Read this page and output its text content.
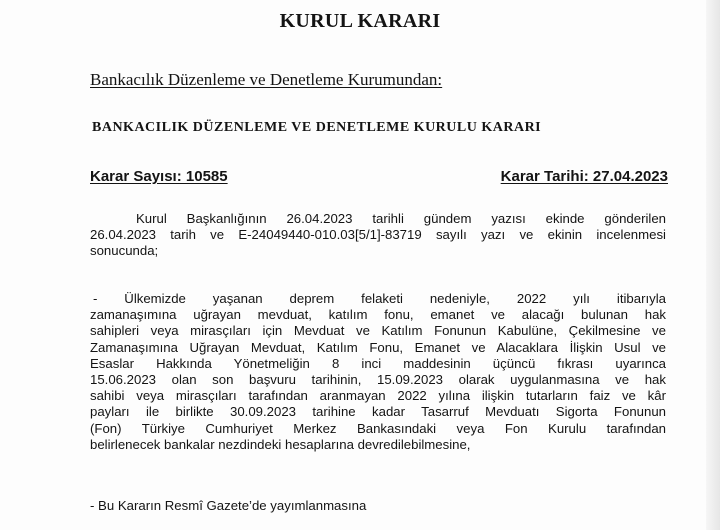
KURUL KARARI
Bankacılık Düzenleme ve Denetleme Kurumundan:
BANKACILIK DÜZENLEME VE DENETLEME KURULU KARARI
Karar Sayısı: 10585	Karar Tarihi: 27.04.2023
Kurul Başkanlığının 26.04.2023 tarihli gündem yazısı ekinde gönderilen
26.04.2023 tarih ve E-24049440-010.03[5/1]-83719 sayılı yazı ve ekinin incelenmesi
sonucunda;
- Ülkemizde yaşanan deprem felaketi nedeniyle, 2022 yılı itibarıyla
zamanaşımına uğrayan mevduat, katılım fonu, emanet ve alacağı bulunan hak
sahipleri veya mirasçıları için Mevduat ve Katılım Fonunun Kabulüne, Çekilmesine ve
Zamanaşımına Uğrayan Mevduat, Katılım Fonu, Emanet ve Alacaklara İlişkin Usul ve
Esaslar Hakkında Yönetmeliğin 8 inci maddesinin üçüncü fıkrası uyarınca
15.06.2023 olan son başvuru tarihinin, 15.09.2023 olarak uygulanmasına ve hak
sahibi veya mirasçıları tarafından aranmayan 2022 yılına ilişkin tutarların faiz ve kâr
payları ile birlikte 30.09.2023 tarihine kadar Tasarruf Mevduatı Sigorta Fonunun
(Fon) Türkiye Cumhuriyet Merkez Bankasındaki veya Fon Kurulu tarafından
belirlenecek bankalar nezdindeki hesaplarına devredilebilmesine,
- Bu Kararın Resmî Gazete’de yayımlanmasına
